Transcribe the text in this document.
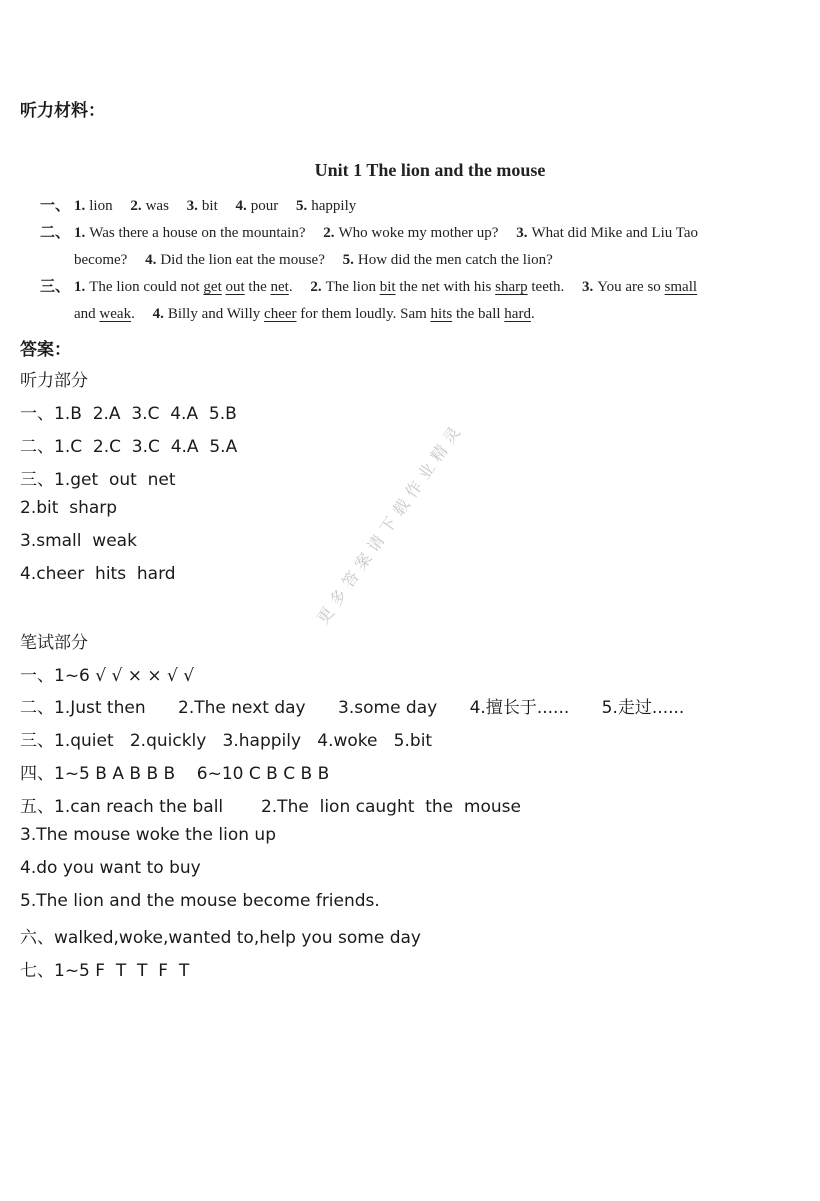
听力材料：
Unit 1 The lion and the mouse
一、 1. lion 2. was 3. bit 4. pour 5. happily
二、 1. Was there a house on the mountain? 2. Who woke my mother up? 3. What did Mike and Liu Tao
become? 4. Did the lion eat the mouse? 5. How did the men catch the lion?
三、 1. The lion could not get out the net. 2. The lion bit the net with his sharp teeth. 3. You are so small
and weak. 4. Billy and Willy cheer for them loudly. Sam hits the ball hard.
答案：
听力部分
一、1.B  2.A  3.C  4.A  5.B
二、1.C  2.C  3.C  4.A  5.A
三、1.get  out  net
2.bit  sharp
3.small  weak
4.cheer  hits  hard
笔试部分
一、1~6 √ √ × × √ √
二、1.Just then      2.The next day      3.some day      4.擅长于......      5.走过......
三、1.quiet   2.quickly   3.happily   4.woke   5.bit
四、1~5 B A B B B    6~10 C B C B B
五、1.can reach the ball       2.The  lion caught  the  mouse
3.The mouse woke the lion up
4.do you want to buy
5.The lion and the mouse become friends.
六、walked,woke,wanted to,help you some day
七、1~5 F  T  T  F  T
更多答案请下载作业精灵
